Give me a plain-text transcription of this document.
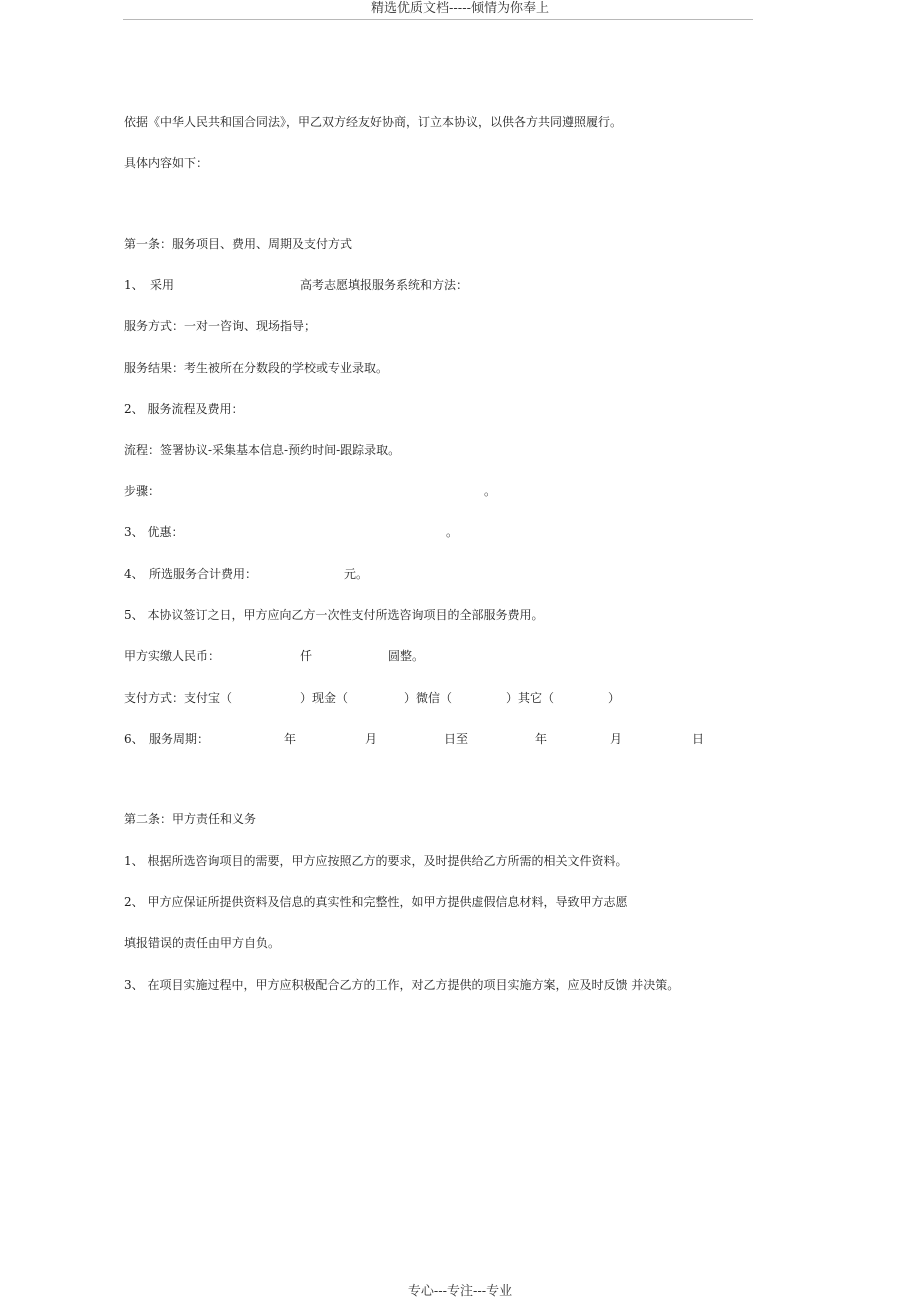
精选优质文档-----倾情为你奉上
依据《中华人民共和国合同法》，甲乙双方经友好协商，订立本协议，以供各方共同遵照履行。
具体内容如下：
第一条：服务项目、费用、周期及支付方式
1、 采用	高考志愿填报服务系统和方法：
服务方式：一对一咨询、现场指导；
服务结果：考生被所在分数段的学校或专业录取。
2、 服务流程及费用：
流程：签署协议-采集基本信息-预约时间-跟踪录取。
步骤：	。
3、 优惠：	。
4、 所选服务合计费用：	元。
5、 本协议签订之日，甲方应向乙方一次性支付所选咨询项目的全部服务费用。
甲方实缴人民币：	仟	圆整。
支付方式：支付宝（	）现金（	）微信（	）其它（	）
6、 服务周期：	年	月	日至	年	月	日
第二条：甲方责任和义务
1、 根据所选咨询项目的需要，甲方应按照乙方的要求，及时提供给乙方所需的相关文件资料。
2、 甲方应保证所提供资料及信息的真实性和完整性，如甲方提供虚假信息材料，导致甲方志愿
填报错误的责任由甲方自负。
3、 在项目实施过程中，甲方应积极配合乙方的工作，对乙方提供的项目实施方案，应及时反馈 并决策。
专心---专注---专业
